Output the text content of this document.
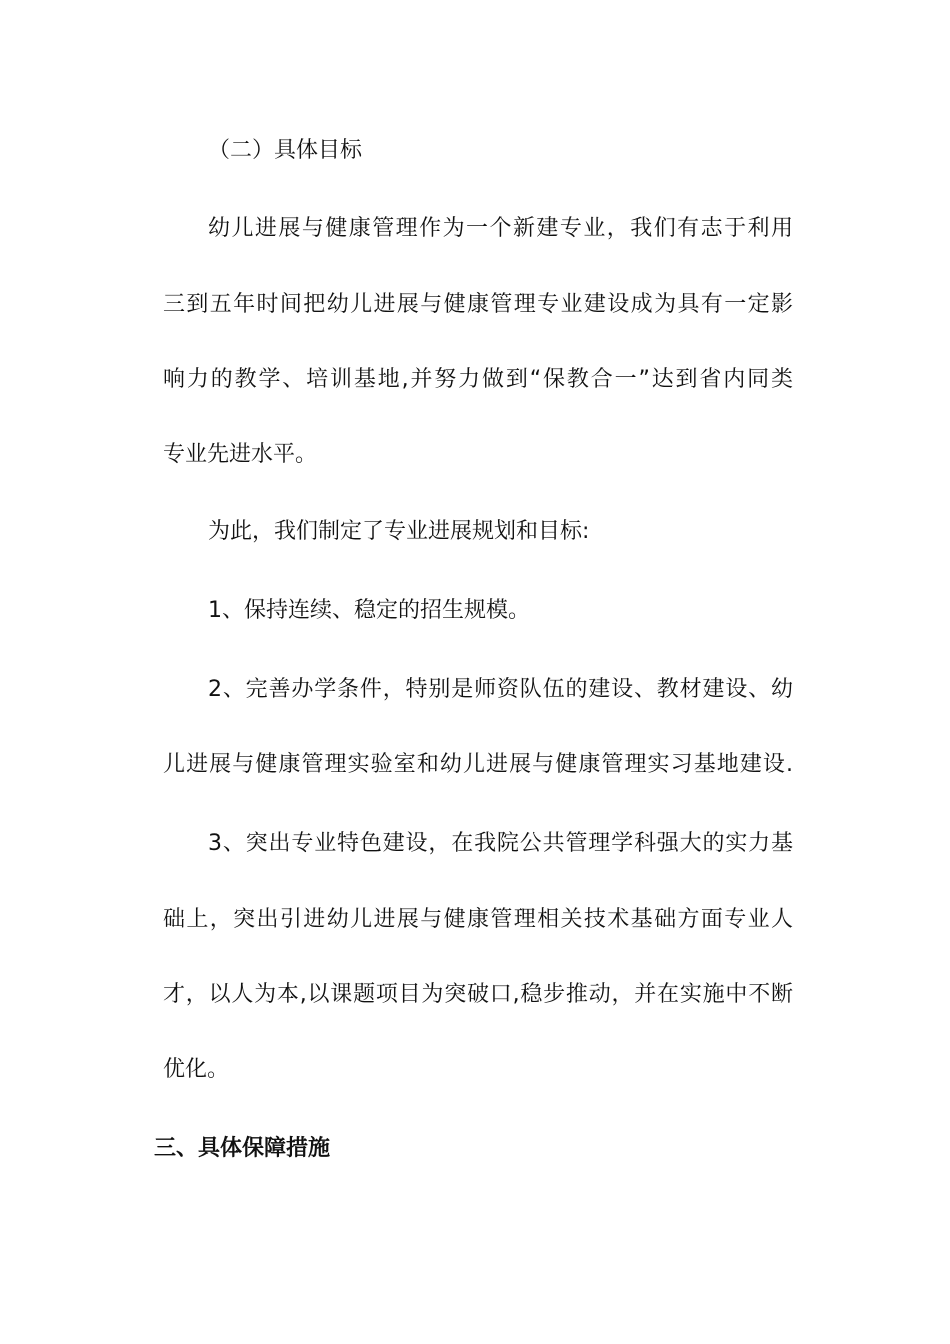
（二）具体目标
幼儿进展与健康管理作为一个新建专业，我们有志于利用
三到五年时间把幼儿进展与健康管理专业建设成为具有一定影
响力的教学、培训基地,并努力做到“保教合一”达到省内同类
专业先进水平。
为此，我们制定了专业进展规划和目标:
1、保持连续、稳定的招生规模。
2、完善办学条件，特别是师资队伍的建设、教材建设、幼
儿进展与健康管理实验室和幼儿进展与健康管理实习基地建设.
3、突出专业特色建设，在我院公共管理学科强大的实力基
础上，突出引进幼儿进展与健康管理相关技术基础方面专业人
才，以人为本,以课题项目为突破口,稳步推动，并在实施中不断
优化。
三、具体保障措施
